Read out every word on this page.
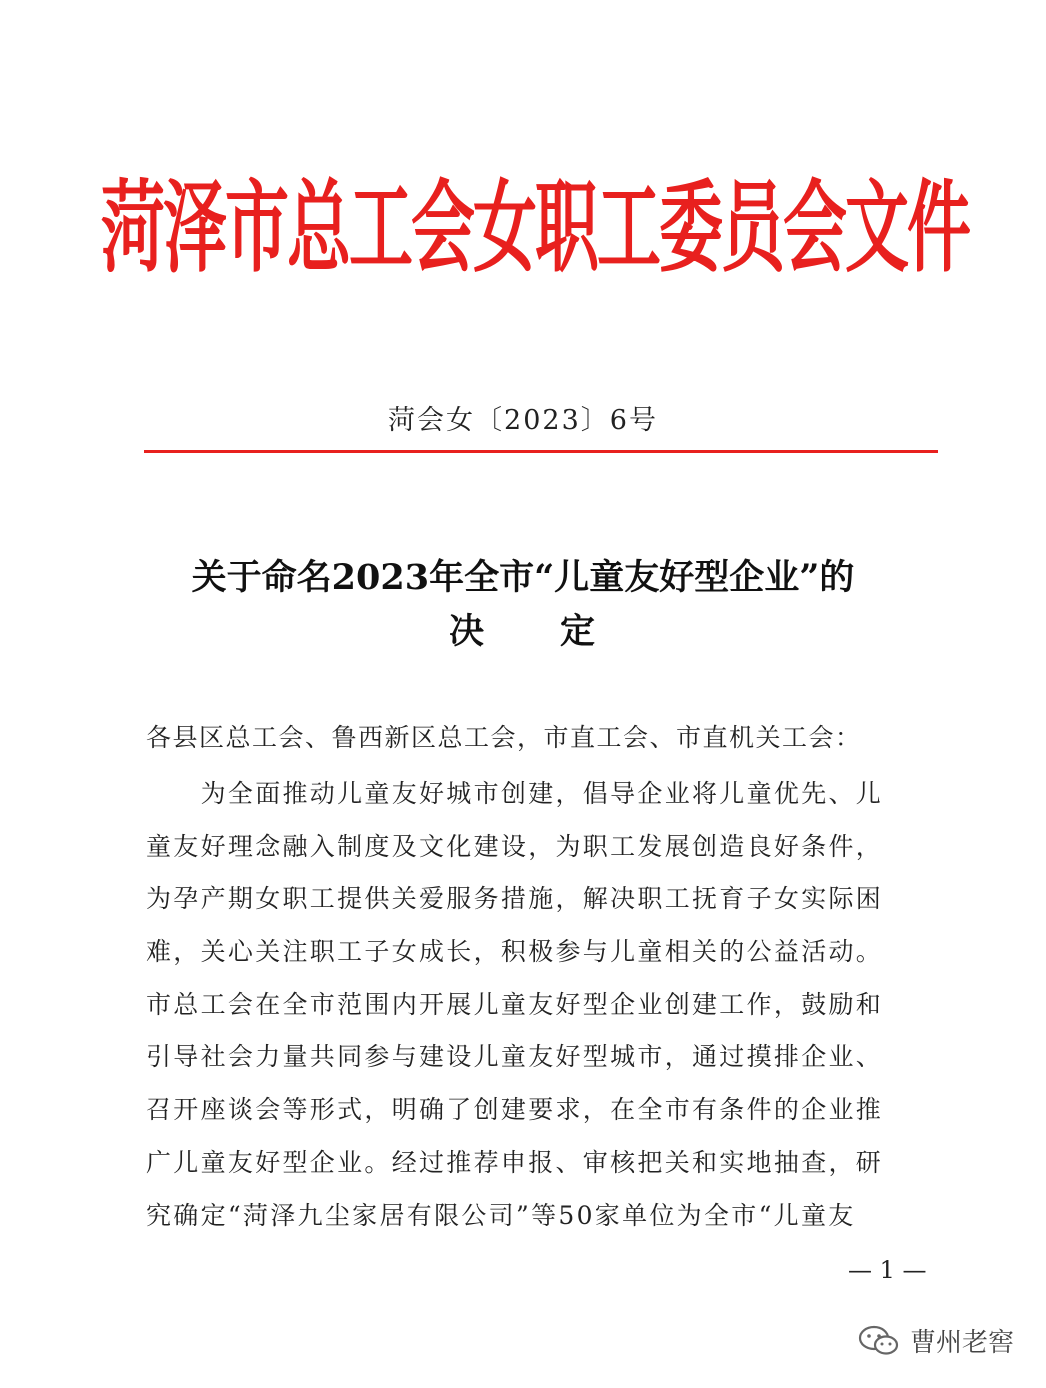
菏泽市总工会女职工委员会文件
菏会女〔2023〕6号
关于命名2023年全市“儿童友好型企业”的
决　　定
各县区总工会、鲁西新区总工会，市直工会、市直机关工会：
　　为全面推动儿童友好城市创建，倡导企业将儿童优先、儿
童友好理念融入制度及文化建设，为职工发展创造良好条件，
为孕产期女职工提供关爱服务措施，解决职工抚育子女实际困
难，关心关注职工子女成长，积极参与儿童相关的公益活动。
市总工会在全市范围内开展儿童友好型企业创建工作，鼓励和
引导社会力量共同参与建设儿童友好型城市，通过摸排企业、
召开座谈会等形式，明确了创建要求，在全市有条件的企业推
广儿童友好型企业。经过推荐申报、审核把关和实地抽查，研
究确定“菏泽九尘家居有限公司”等50家单位为全市“儿童友
— 1 —
曹州老窖
